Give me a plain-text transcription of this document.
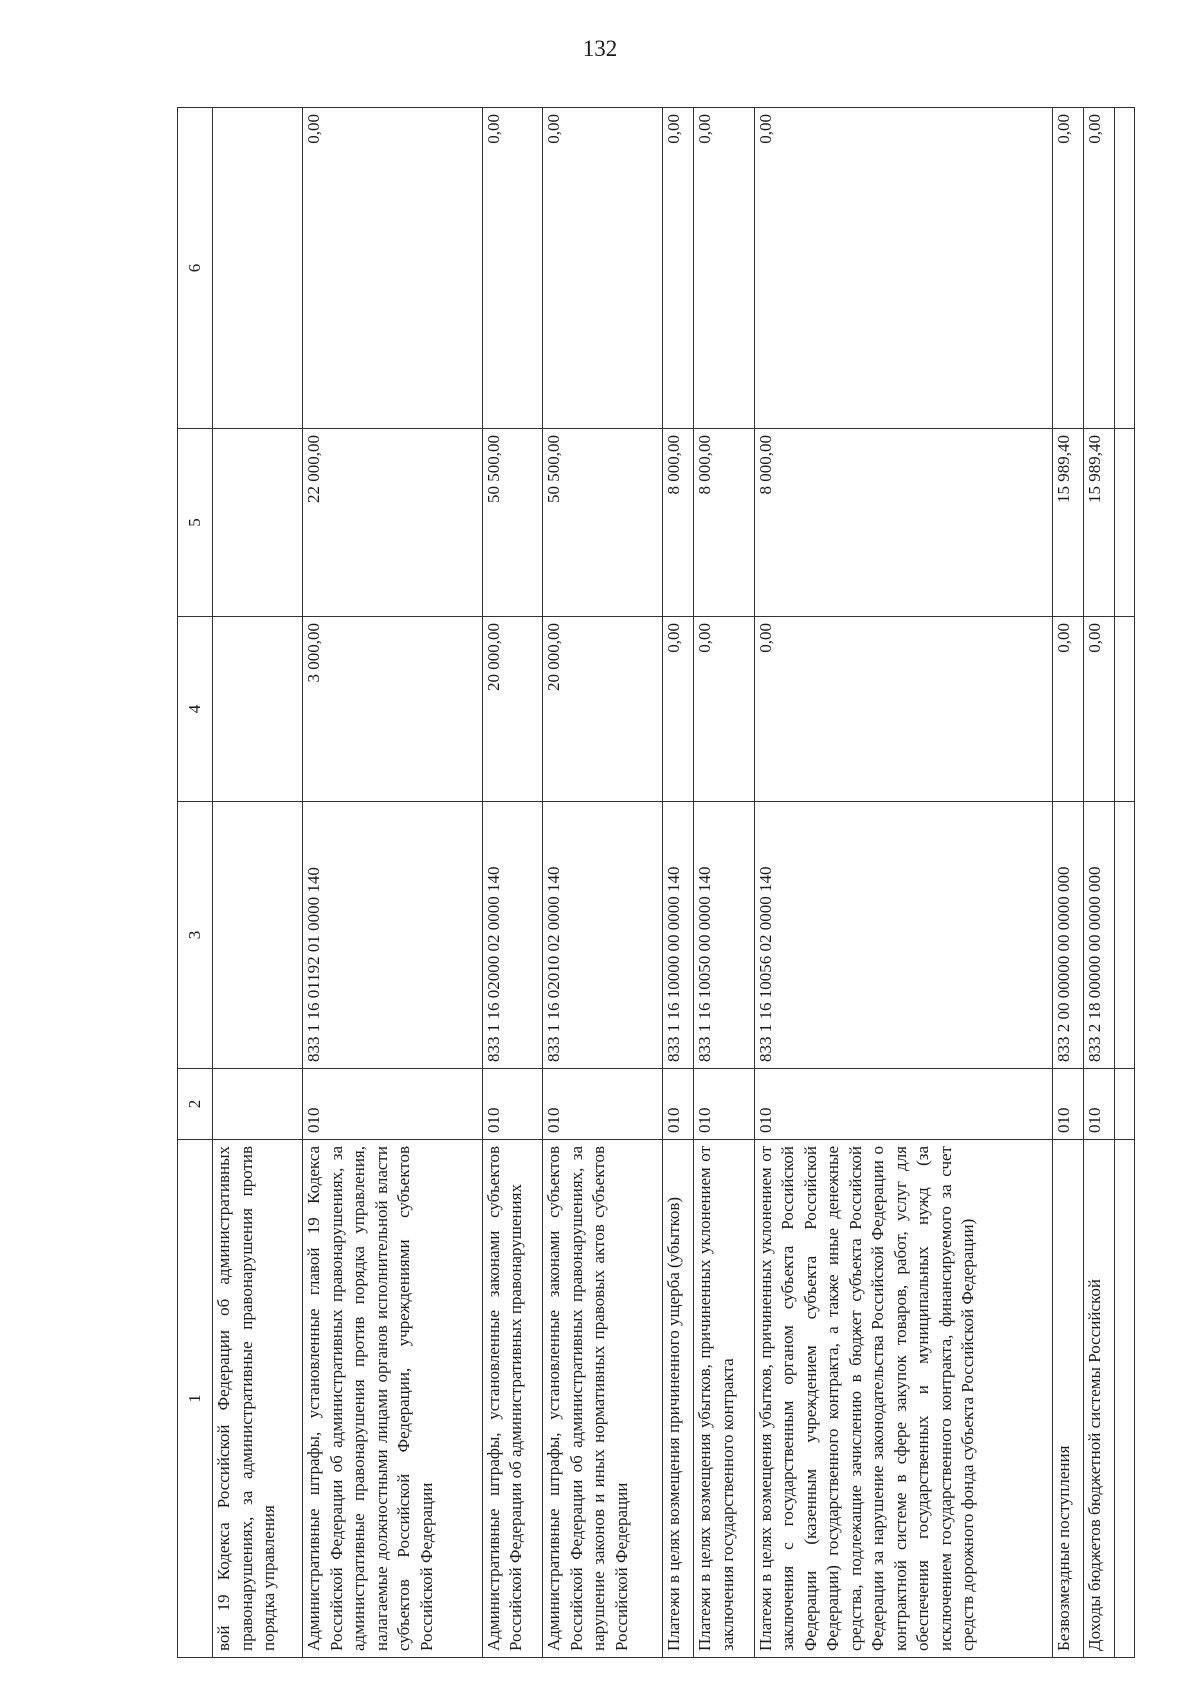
132
1	2	3	4	5	6
вой 19 Кодекса Российской Федерации об административных правонарушениях, за административные правонарушения против порядка управления					
Административные штрафы, установленные главой 19 Кодекса Российской Федерации об административных правонарушениях, за административные правонарушения против порядка управления, налагаемые должностными лицами органов исполнительной власти субъектов Российской Федерации, учреждениями субъектов Российской Федерации	010	833 1 16 01192 01 0000 140	3 000,00	22 000,00	0,00
Административные штрафы, установленные законами субъектов Российской Федерации об административных правонарушениях	010	833 1 16 02000 02 0000 140	20 000,00	50 500,00	0,00
Административные штрафы, установленные законами субъектов Российской Федерации об административных правонарушениях, за нарушение законов и иных нормативных правовых актов субъектов Российской Федерации	010	833 1 16 02010 02 0000 140	20 000,00	50 500,00	0,00
Платежи в целях возмещения причиненного ущерба (убытков)	010	833 1 16 10000 00 0000 140	0,00	8 000,00	0,00
Платежи в целях возмещения убытков, причиненных уклонением от заключения государственного контракта	010	833 1 16 10050 00 0000 140	0,00	8 000,00	0,00
Платежи в целях возмещения убытков, причиненных уклонением от заключения с государственным органом субъекта Российской Федерации (казенным учреждением субъекта Российской Федерации) государственного контракта, а также иные денежные средства, подлежащие зачислению в бюджет субъекта Российской Федерации за нарушение законодательства Российской Федерации о контрактной системе в сфере закупок товаров, работ, услуг для обеспечения государственных и муниципальных нужд (за исключением государственного контракта, финансируемого за счет средств дорожного фонда субъекта Российской Федерации)	010	833 1 16 10056 02 0000 140	0,00	8 000,00	0,00
Безвозмездные поступления	010	833 2 00 00000 00 0000 000	0,00	15 989,40	0,00
Доходы бюджетов бюджетной системы Российской	010	833 2 18 00000 00 0000 000	0,00	15 989,40	0,00
